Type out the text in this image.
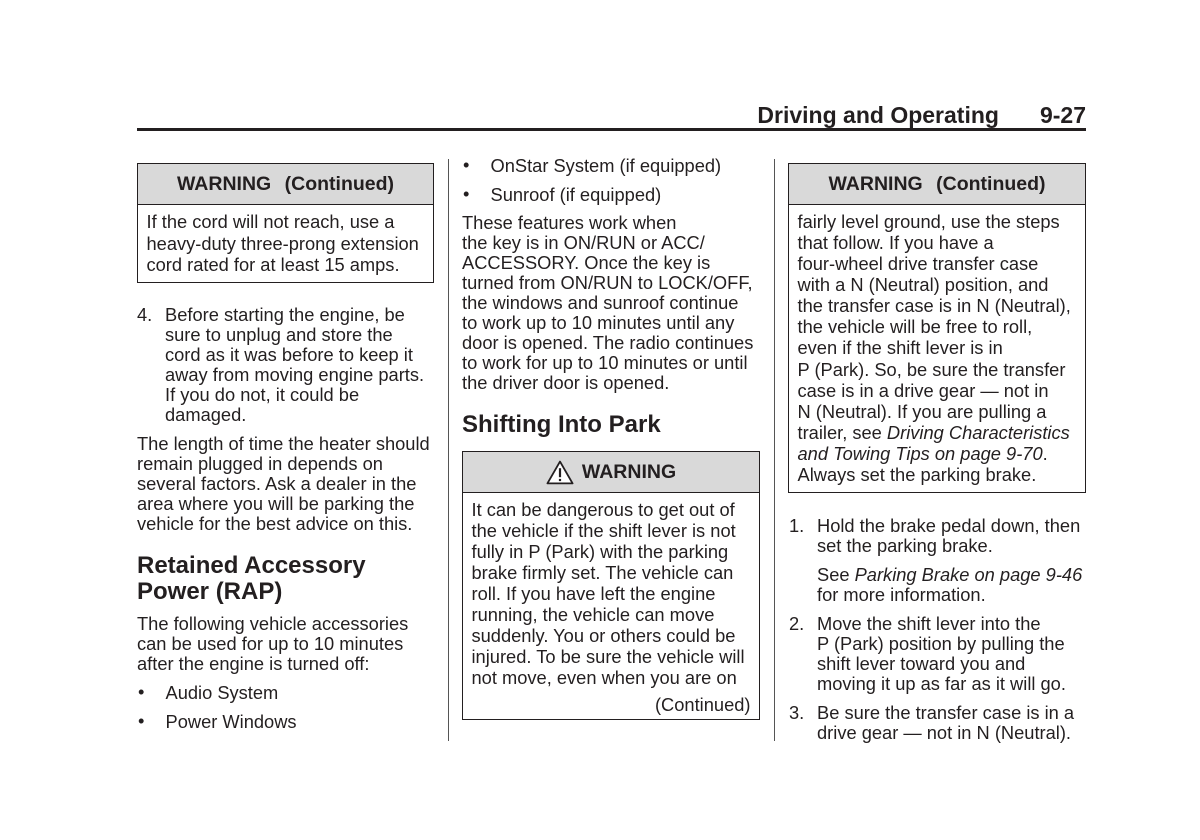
Driving and Operating 9-27
WARNING (Continued)
If the cord will not reach, use a
heavy-duty three-prong extension
cord rated for at least 15 amps.
4. Before starting the engine, be
sure to unplug and store the
cord as it was before to keep it
away from moving engine parts.
If you do not, it could be
damaged.
The length of time the heater should
remain plugged in depends on
several factors. Ask a dealer in the
area where you will be parking the
vehicle for the best advice on this.
Retained Accessory
Power (RAP)
The following vehicle accessories
can be used for up to 10 minutes
after the engine is turned off:
• Audio System
• Power Windows
• OnStar System (if equipped)
• Sunroof (if equipped)
These features work when
the key is in ON/RUN or ACC/
ACCESSORY. Once the key is
turned from ON/RUN to LOCK/OFF,
the windows and sunroof continue
to work up to 10 minutes until any
door is opened. The radio continues
to work for up to 10 minutes or until
the driver door is opened.
Shifting Into Park
WARNING
It can be dangerous to get out of
the vehicle if the shift lever is not
fully in P (Park) with the parking
brake firmly set. The vehicle can
roll. If you have left the engine
running, the vehicle can move
suddenly. You or others could be
injured. To be sure the vehicle will
not move, even when you are on
(Continued)
WARNING (Continued)
fairly level ground, use the steps
that follow. If you have a
four-wheel drive transfer case
with a N (Neutral) position, and
the transfer case is in N (Neutral),
the vehicle will be free to roll,
even if the shift lever is in
P (Park). So, be sure the transfer
case is in a drive gear — not in
N (Neutral). If you are pulling a
trailer, see Driving Characteristics
and Towing Tips on page 9-70.
Always set the parking brake.
1. Hold the brake pedal down, then
set the parking brake.
See Parking Brake on page 9-46
for more information.
2. Move the shift lever into the
P (Park) position by pulling the
shift lever toward you and
moving it up as far as it will go.
3. Be sure the transfer case is in a
drive gear — not in N (Neutral).
